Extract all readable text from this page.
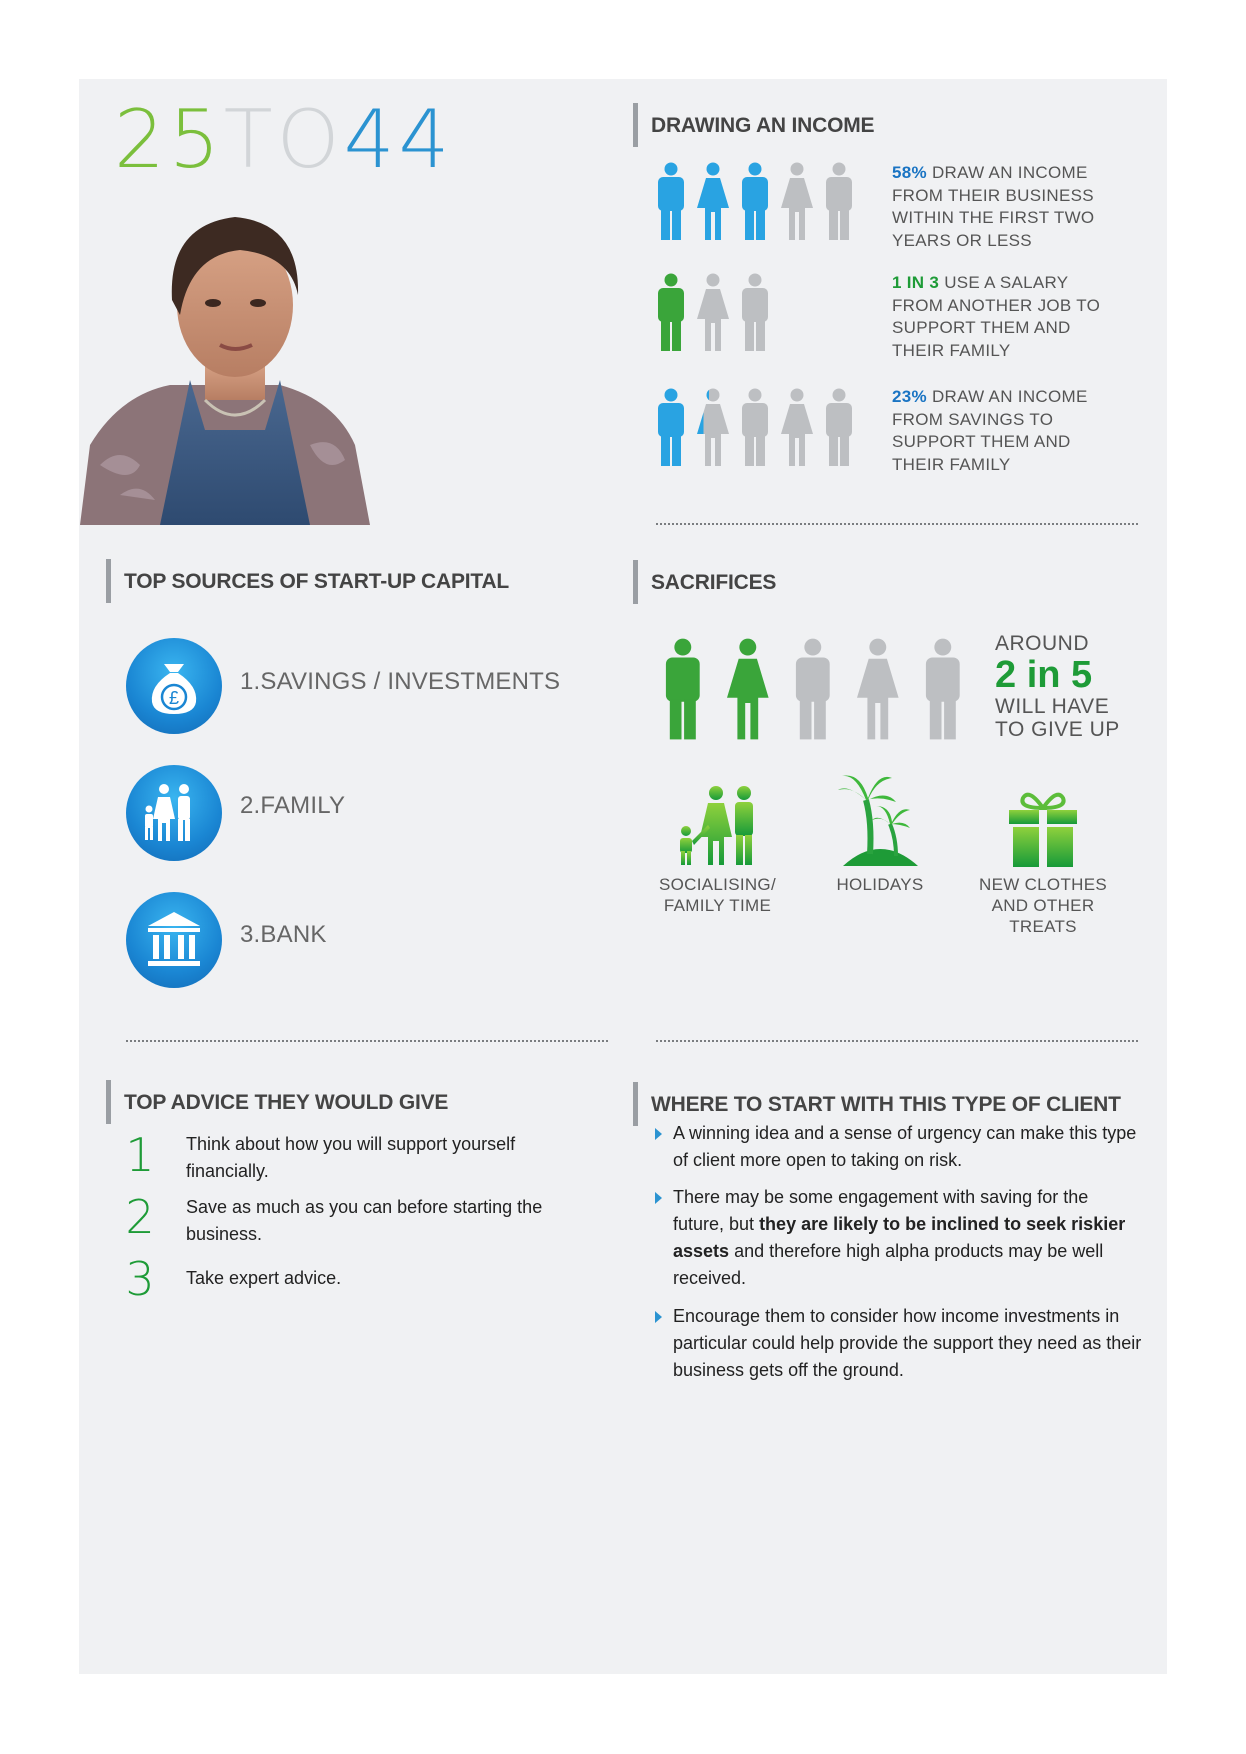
25TO44	DRAWING AN INCOME
58% DRAW AN INCOME FROM THEIR BUSINESS WITHIN THE FIRST TWO YEARS OR LESS
1 IN 3 USE A SALARY FROM ANOTHER JOB TO SUPPORT THEM AND THEIR FAMILY
23% DRAW AN INCOME FROM SAVINGS TO SUPPORT THEM AND THEIR FAMILY
TOP SOURCES OF START-UP CAPITAL
£
1.SAVINGS / INVESTMENTS
2.FAMILY
3.BANK
SACRIFICES
AROUND
2 in 5
WILL HAVE
TO GIVE UP
SOCIALISING/
FAMILY TIME
HOLIDAYS	NEW CLOTHES
AND OTHER
TREATS
TOP ADVICE THEY WOULD GIVE
1 Think about how you will support yourself financially.
2 Save as much as you can before starting the business.
3 Take expert advice.
WHERE TO START WITH THIS TYPE OF CLIENT
A winning idea and a sense of urgency can make this type of client more open to taking on risk.
There may be some engagement with saving for the future, but they are likely to be inclined to seek riskier assets and therefore high alpha products may be well received.
Encourage them to consider how income investments in particular could help provide the support they need as their business gets off the ground.
